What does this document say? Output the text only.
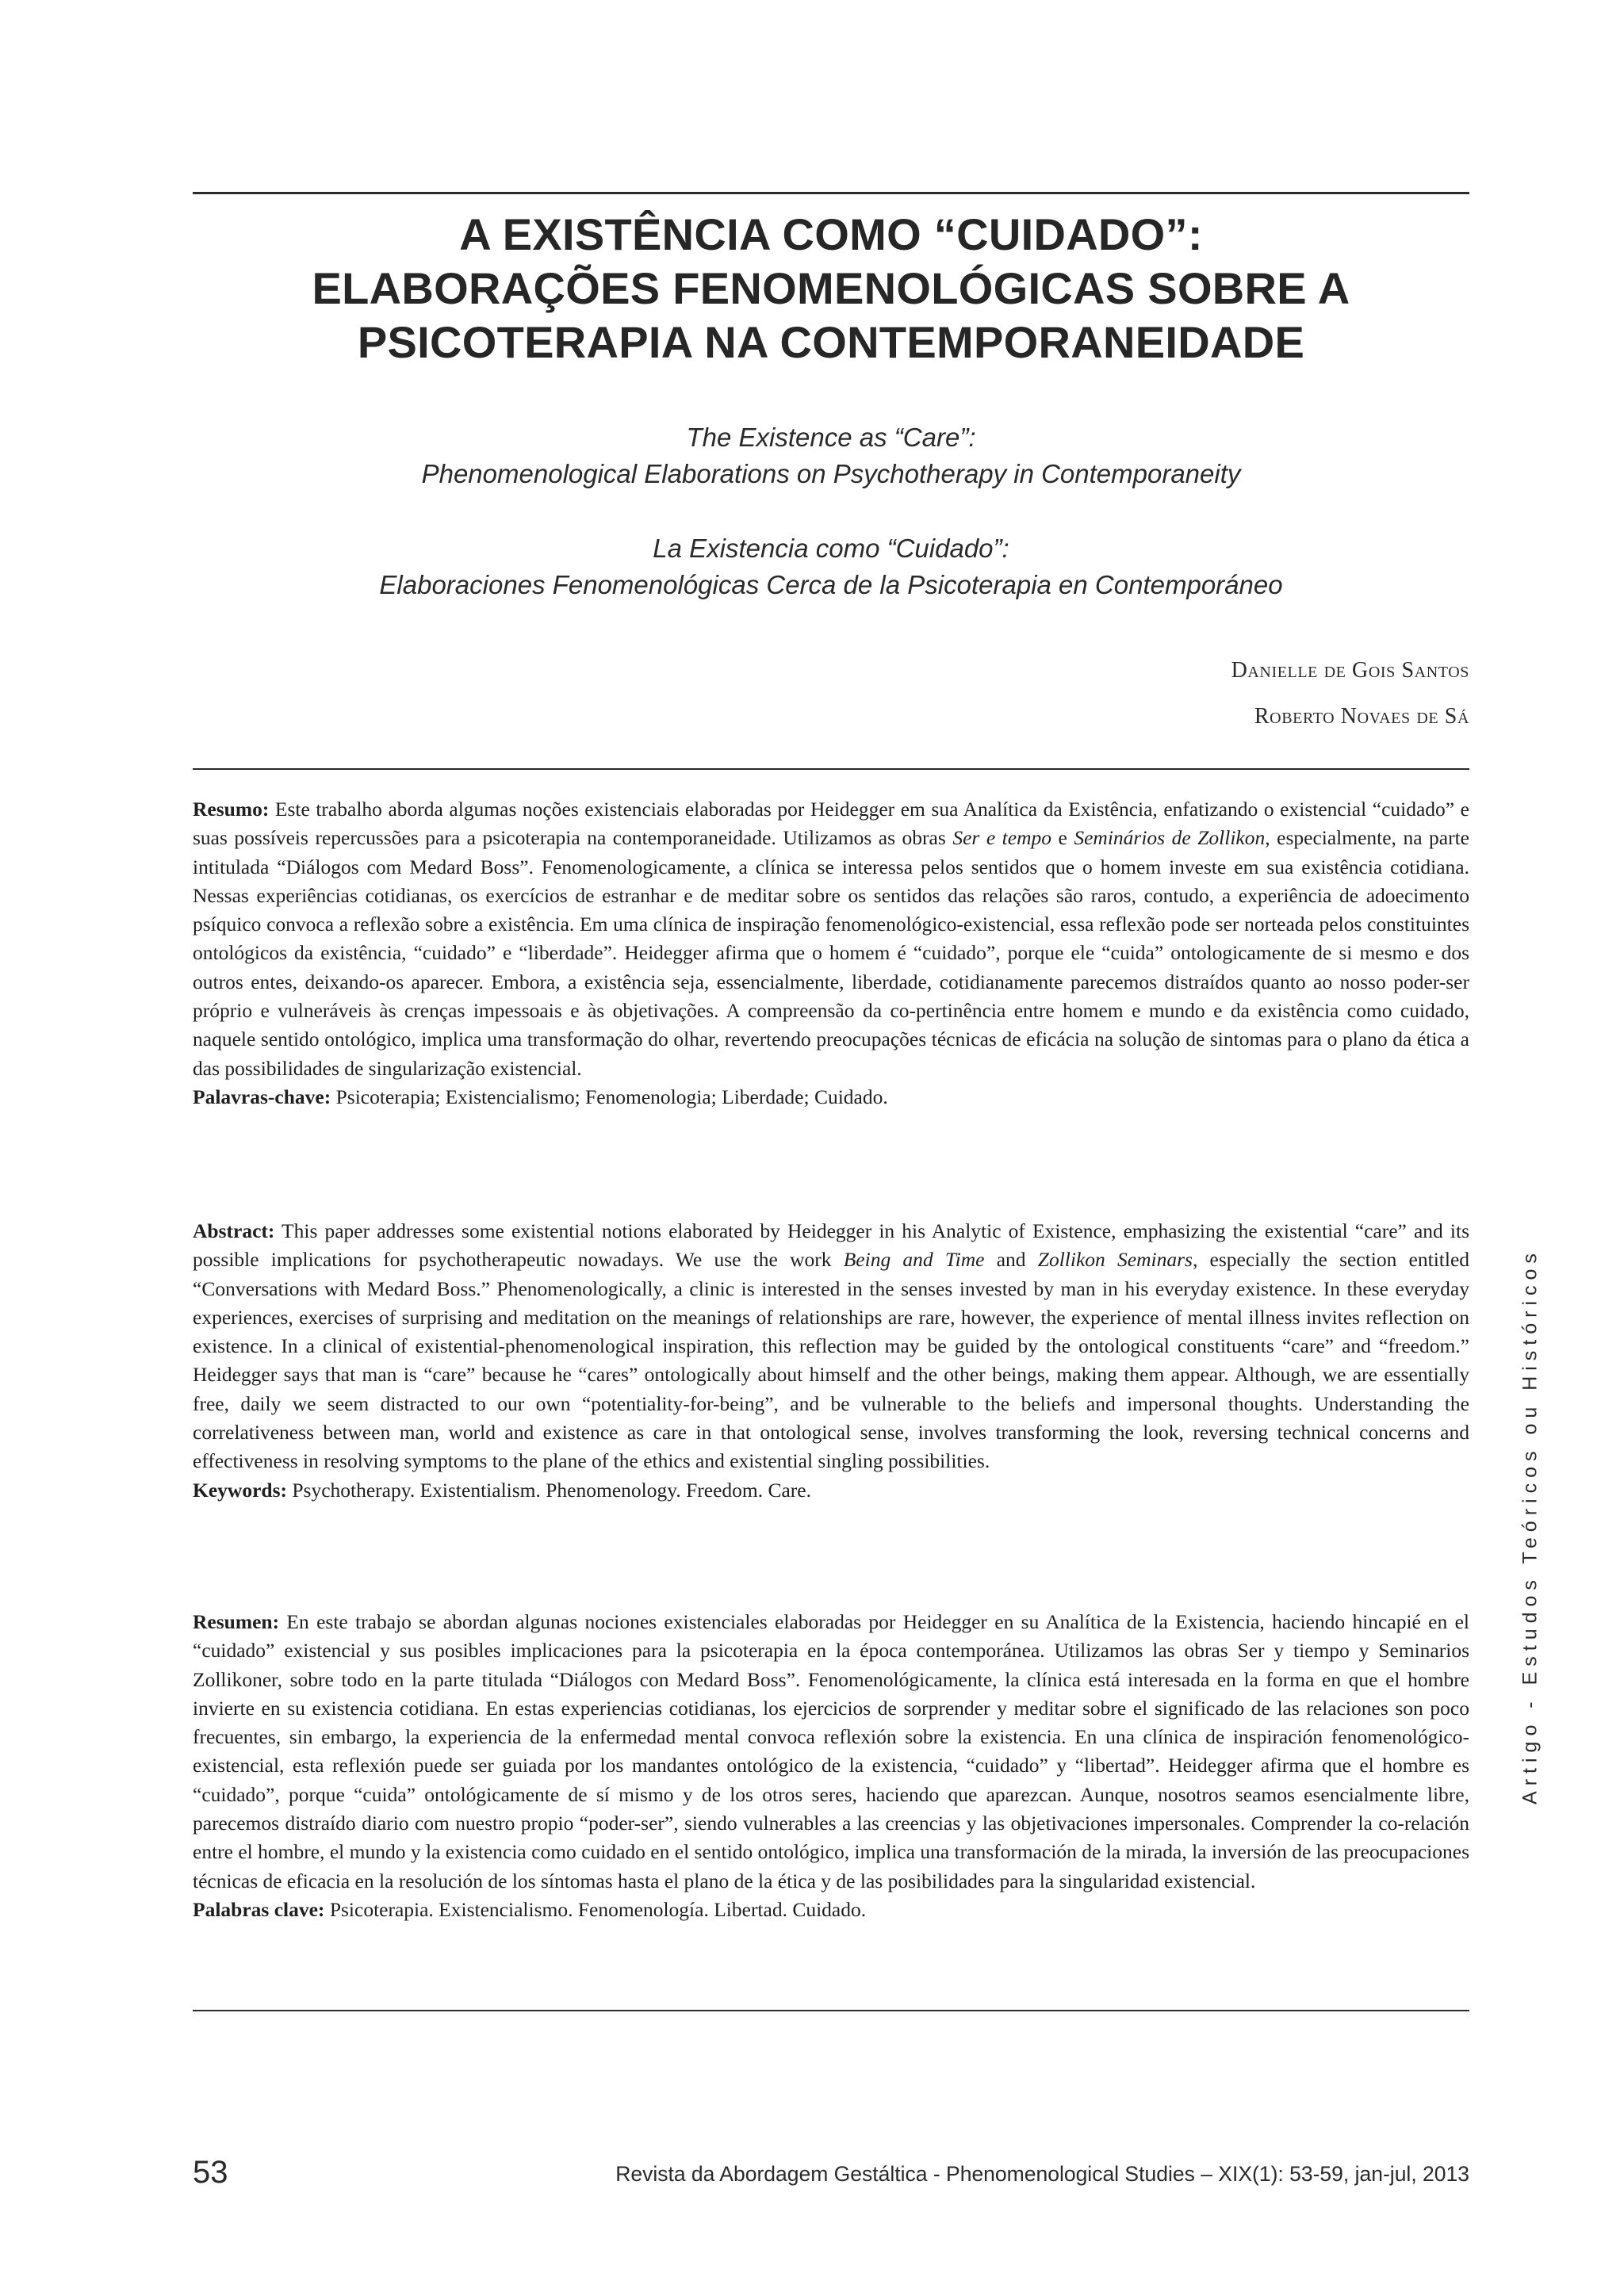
A EXISTÊNCIA COMO “CUIDADO”:
ELABORAÇÕES FENOMENOLÓGICAS SOBRE A
PSICOTERAPIA NA CONTEMPORANEIDADE
The Existence as “Care”:
Phenomenological Elaborations on Psychotherapy in Contemporaneity
La Existencia como “Cuidado”:
Elaboraciones Fenomenológicas Cerca de la Psicoterapia en Contemporáneo
Danielle de Gois Santos
Roberto Novaes de Sá

Resumo: Este trabalho aborda algumas noções existenciais elaboradas por Heidegger em sua Analítica da Existência, enfatizando o existencial “cuidado” e suas possíveis repercussões para a psicoterapia na contemporaneidade. Utilizamos as obras Ser e tempo e Seminários de Zollikon, especialmente, na parte intitulada “Diálogos com Medard Boss”. Fenomenologicamente, a clínica se interessa pelos sentidos que o homem investe em sua existência cotidiana. Nessas experiências cotidianas, os exercícios de estranhar e de meditar sobre os sentidos das relações são raros, contudo, a experiência de adoecimento psíquico convoca a reflexão sobre a existência. Em uma clínica de inspiração fenomenológico-existencial, essa reflexão pode ser norteada pelos constituintes ontológicos da existência, “cuidado” e “liberdade”. Heidegger afirma que o homem é “cuidado”, porque ele “cuida” ontologicamente de si mesmo e dos outros entes, deixando-os aparecer. Embora, a existência seja, essencialmente, liberdade, cotidianamente parecemos distraídos quanto ao nosso poder-ser próprio e vulneráveis às crenças impessoais e às objetivações. A compreensão da co-pertinência entre homem e mundo e da existência como cuidado, naquele sentido ontológico, implica uma transformação do olhar, revertendo preocupações técnicas de eficácia na solução de sintomas para o plano da ética a das possibilidades de singularização existencial.

Palavras-chave: Psicoterapia; Existencialismo; Fenomenologia; Liberdade; Cuidado.

Abstract: This paper addresses some existential notions elaborated by Heidegger in his Analytic of Existence, emphasizing the existential “care” and its possible implications for psychotherapeutic nowadays. We use the work Being and Time and Zollikon Seminars, especially the section entitled “Conversations with Medard Boss.” Phenomenologically, a clinic is interested in the senses invested by man in his everyday existence. In these everyday experiences, exercises of surprising and meditation on the meanings of relationships are rare, however, the experience of mental illness invites reflection on existence. In a clinical of existential-phenomenological inspiration, this reflection may be guided by the ontological constituents “care” and “freedom.” Heidegger says that man is “care” because he “cares” ontologically about himself and the other beings, making them appear. Although, we are essentially free, daily we seem distracted to our own “potentiality-for-being”, and be vulnerable to the beliefs and impersonal thoughts. Understanding the correlativeness between man, world and existence as care in that ontological sense, involves transforming the look, reversing technical concerns and effectiveness in resolving symptoms to the plane of the ethics and existential singling possibilities.

Keywords: Psychotherapy. Existentialism. Phenomenology. Freedom. Care.

Resumen: En este trabajo se abordan algunas nociones existenciales elaboradas por Heidegger en su Analítica de la Existencia, haciendo hincapié en el “cuidado” existencial y sus posibles implicaciones para la psicoterapia en la época contemporánea. Utilizamos las obras Ser y tiempo y Seminarios Zollikoner, sobre todo en la parte titulada “Diálogos con Medard Boss”. Fenomenológicamente, la clínica está interesada en la forma en que el hombre invierte en su existencia cotidiana. En estas experiencias cotidianas, los ejercicios de sorprender y meditar sobre el significado de las relaciones son poco frecuentes, sin embargo, la experiencia de la enfermedad mental convoca reflexión sobre la existencia. En una clínica de inspiración fenomenológico-existencial, esta reflexión puede ser guiada por los mandantes ontológico de la existencia, “cuidado” y “libertad”. Heidegger afirma que el hombre es “cuidado”, porque “cuida” ontológicamente de sí mismo y de los otros seres, haciendo que aparezcan. Aunque, nosotros seamos esencialmente libre, parecemos distraído diario com nuestro propio “poder-ser”, siendo vulnerables a las creencias y las objetivaciones impersonales. Comprender la co-relación entre el hombre, el mundo y la existencia como cuidado en el sentido ontológico, implica una transformación de la mirada, la inversión de las preocupaciones técnicas de eficacia en la resolución de los síntomas hasta el plano de la ética y de las posibilidades para la singularidad existencial.

Palabras clave: Psicoterapia. Existencialismo. Fenomenología. Libertad. Cuidado.

Artigo - Estudos Teóricos ou Históricos
53	Revista da Abordagem Gestáltica - Phenomenological Studies – XIX(1): 53-59, jan-jul, 2013
